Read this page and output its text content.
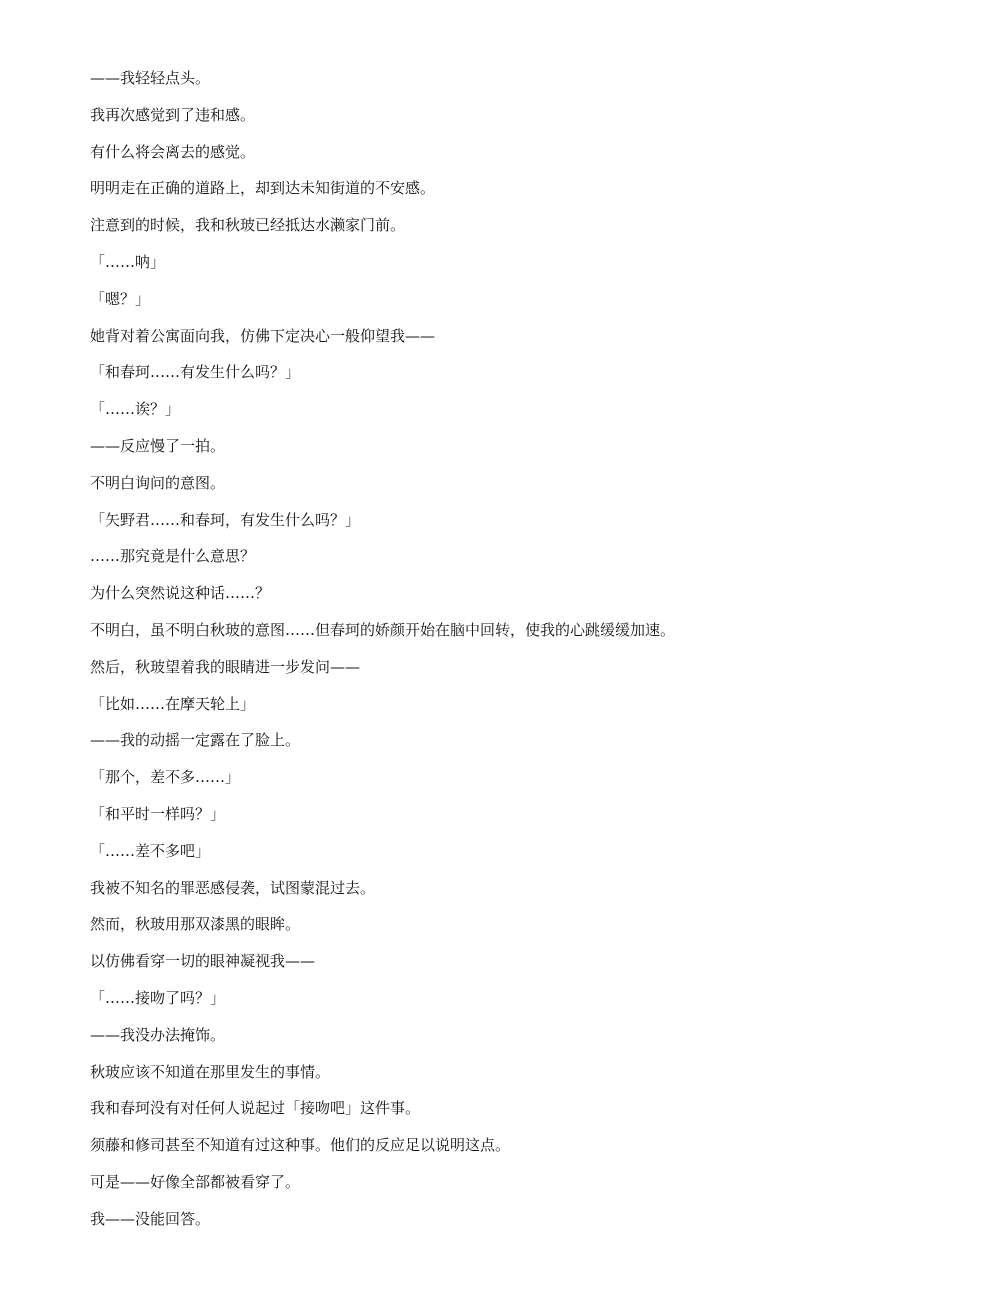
——我轻轻点头。
我再次感觉到了违和感。
有什么将会离去的感觉。
明明走在正确的道路上，却到达未知街道的不安感。
注意到的时候，我和秋玻已经抵达水濑家门前。
「……呐」
「嗯？」
她背对着公寓面向我，仿佛下定决心一般仰望我——
「和春珂……有发生什么吗？」
「……诶？」
——反应慢了一拍。
不明白询问的意图。
「矢野君……和春珂，有发生什么吗？」
……那究竟是什么意思？
为什么突然说这种话……？
不明白，虽不明白秋玻的意图……但春珂的娇颜开始在脑中回转，使我的心跳缓缓加速。
然后，秋玻望着我的眼睛进一步发问——
「比如……在摩天轮上」
——我的动摇一定露在了脸上。
「那个，差不多……」
「和平时一样吗？」
「……差不多吧」
我被不知名的罪恶感侵袭，试图蒙混过去。
然而，秋玻用那双漆黑的眼眸。
以仿佛看穿一切的眼神凝视我——
「……接吻了吗？」
——我没办法掩饰。
秋玻应该不知道在那里发生的事情。
我和春珂没有对任何人说起过「接吻吧」这件事。
须藤和修司甚至不知道有过这种事。他们的反应足以说明这点。
可是——好像全部都被看穿了。
我——没能回答。
